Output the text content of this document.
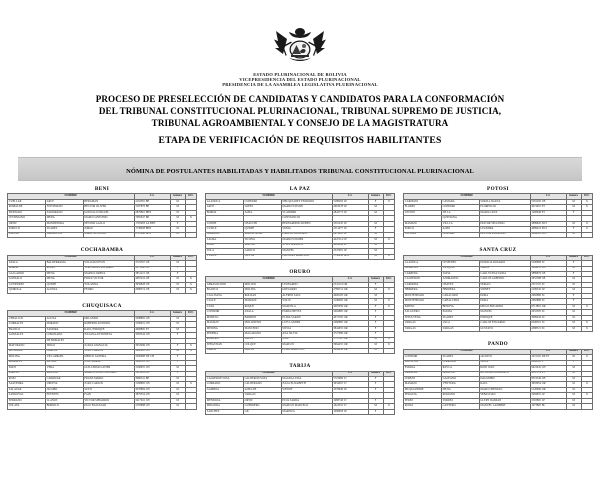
ESTADO PLURINACIONAL DE BOLIVIA
VICEPRESIDENCIA DEL ESTADO PLURINACIONAL
PRESIDENCIA DE LA ASAMBLEA LEGISLATIVA PLURINACIONAL
PROCESO DE PRESELECCIÓN DE CANDIDATAS Y CANDIDATOS PARA LA CONFORMACIÓN
DEL TRIBUNAL CONSTITUCIONAL PLURINACIONAL, TRIBUNAL SUPREMO DE JUSTICIA,
TRIBUNAL AGROAMBIENTAL Y CONSEJO DE LA MAGISTRATURA
ETAPA DE VERIFICACIÓN DE REQUISITOS HABILITANTES
NÓMINA DE POSTULANTES HABILITADAS Y HABILITADOS TRIBUNAL CONSTITUCIONAL PLURINACIONAL
BENI
NOMBRE			C.I.	Género	IOC
CUELLAR	ARCE	BERGMAN	4102381 BE	M	
ROMALDE	JUSTINIANO	HECTOR OLIVER	3167876 BE	M	
HURTADO	ZAMORANO	GONZALO MIGUEL	2879861 BEN	M	
JUSTINIANO	MEDA	MARCO ANTONIO	7985647 BE	M	X
ORTIZ	MANDEPORA	NESTOR GALLO	1795003 LA BEN	F	
SORUCO	SUAREZ	JORGE	1738938 BEN	M	
SOLINO	PARAVICINI	JORGE ANTONIO	2713846 BEN	M	
COCHABAMBA
NOMBRE			C.I.	Género	IOC
AYALA	BALDERRAMA	WILLIAM JESUS	3722567 CB	M	
BORDA	ROJAS	TERESA DEL ROSARIO	4173688 CB	F	
GALLARDO	MEJIA	MARIO LORENA	3851221 CB	F	
GONZALO	MEJIA	ERICK VICTOR	4087416 CB	M	X
GUTIERREZ	QUISPE	YOLANDA	3936828 CB	M	X
QUIROGA	ACOSTA	PEDRO	2988374 CB	M	X
CHUQUISACA
NOMBRE			C.I.	Género	IOC
CEBALLOS	ACUÑA	ORLANDO	3288895 CH	M	
CORRALES	DORADO	ROBERTO ANTONIO	3189031 CH	M	
FRANCO	ZAMORA	RAUL ENRIQUE	4668895 PT	M	
GONZALES	CORONADO	JULIANA ANTONIETA	3583344 CH	F	
	DE MORALES				
MATURANO	TRIGO	JUANA ATANACIA	3653499 CH	F	X
MENDOZA	GARCIA	JUAN CARLOS	3626805 CH	M	X
MOLINA	VILLARROEL	MERCK SANDRA	3299988 DE CH	F	
MORALES	MUÑOZ	JOSE MARIA	3298525 CH	F	
PATZI	VERA	GUILLERMO JAVIER	3168955 CH	M	
PORCEL	MOLINA	MARCELO DEL GUZMAN	3111241 CH	F	
ROJO	CARRIZAR	FRANZ MARIO	3986341 BE	M	
SAAVEDRA	URUETA	JUAN CARLOS	3168895 CH	M	X
SALAZAR	JACOBO	SUYO	3078984 CH	M	
SANDOVAL	FUENTES	IVAN	3879354 CH	M	
SERRANO	LLANOS	VICTOR MEDARDO	3417941 CH	M	
TOLAYA	BORRICO	PAUL BALTAZAR	3183888 CH	M	
LA PAZ
NOMBRE			C.I.	Género	IOC
ALANOCA	CONDORI	MELQUIADES TEODORO	3188293 LP	F	X
ARCE	LOPEZ	MARIO WILSON	2603478 LP	M	
BORDA	ALBA	VLADIMIR	2844773 LP	M	
		CONSTANCIO			
CONDE	CHAUCHI	BERNARDINO RUBEN	3391245 LP	M	
CUTILE	QUISPE	SONIA	2514977 LP	F	
HIDALGO	MAGNE ALIM	CARLOS GONZALO	2679985 LP	M	
LAURA	TICONA	MARIO WILMER	4447114 LP	M	X
LIMA	MACHO	JESUS MANOLO	4282944 LP	M	
TOLA	LARICO	MANUEL	2547901 LP	M	
YUPIZZ	HUYTA	CRISTIAN MARCELO	1738956 BEN	M	X
ORURO
NOMBRE			C.I.	Género	IOC
ABRASOLITOR	MOLLER	LEONARDO	2541119 OR	F	
BLANCO	MOLINA	GREGORIO	2789712 OR	M	X
CALLISAYA	ROLDAN	ALFRED SAUL	4006185 OR	M	
CALLE	MAMANI	WILLY	3198485 OR	M	X
CASO	ROQUE	MARCELA	4005056 OR	F	X
CONDORI	AYALA	EMMA NIEVES	3464885 OR	F	
MORELO	BARBON	ELIDA SARAH	4073185 OR	F	
MAMANI	MOLLINEDO	LUIS LANDER	3486885 OR	F	
MEDINA	MANCEDO	SILVIA	3844655 OR	F	
PEREIRA	MAGARAÑO	ANA SILVIA	3727986 OR	F	
ROMERO	PAUCE	JOSE	3737387 OR	M	X
SEBASTIAN	COLQUE	MARCOS	3964455 OR	M	X
ZARZA	PRIETO	ELIAS MARCELO	3494056 OR	M	
TARIJA
NOMBRE			C.I.	Género	IOC
CALDERON SOSA	CALDERON SOSA	MAGDA LUISA	5723966 TJ	F	
CORRADO	CALDERADO	JULIA ELIZABETH	3634655 TJ	F	
GAMBOA	ALBA DE	WENDY	3378946 LP	F	
	VARGAS				
MENDOZA	ORTIZ	ELVA ZARDA	1988746 TJ	F	
MIRANDA	GUERRERO	MARCOS MARCELO	1624352 TJ	M	X
SANCHEZ	GIL	MARITZA	1098658 LP	F	
POTOSI
NOMBRE			C.I.	Género	IOC
CARDOZO	CAMARA	SORIA LILIANA	5281295 CB	M	X
FLORES	CONDORI	FLORENCIO	4074655 PT	M	X
LETONI	DE LA	MARIA CRUZ	1268948 PT	F	
	QUINTANA				
MAMANI	VILLCA	PASTOR SEGUNDO	3889845 POT	M	X
PORCO	ALBO	LEANDRA	4089453 POT	F	X
TINTAYA	CHAVARI	HECTOR ROLANDO	3864385 POT	M	
SANTA CRUZ
NOMBRE			C.I.	Género	IOC
ALANOCA	CESPEDES	PATRICIA ROSARIO	5208986 SC	F	
ALARCON	VASQUEZ	SIMON	3899455 CB	M	
CARRERA	TAPIA	CARL ELENA TANIA	3889876 CB	F	
CALDERON	ANDRANDO	CARLOS ALBERTO	3652588 CB	M	
CARDONA	CHAVEZ	SERGIO	2515725 SC	M	
HERRERA	HERRERA	SIDNEY	2199545 LP	M	
MONTENEGRO	CARACORO	DORA	2982886 SC	F	
MONTENEGRO	CABALLERO	DORA	2982886 SC	F	
PATIÑO	BEDOYA	DIEGO EDUARDO	6713861 OR	M	X
SALGUERO	PALMA	MANUEL	2952395 SC	M	
SEPULVEDA	SUAREZ	ENRIQUE	3989456 SC	M	
VARGAS	VACA	CARLOS EDUARDO	6298561 SC	M	X
VARGAS	VARGAS	GUSTAVO	4388515 SC	M	X
PANDO
NOMBRE			C.I.	Género	IOC
CONDORI	SUAREZ	JACINTO	3472195 DE PT	M	X
DA COSTA	FERREIRA	SOFIA	6944563 P	F	
ESPADA	RAYCA	RONI IVAN	9623445 CH	M	
FAGALDE	BONILLA	ANTONIO HUMBERTO	4187174 PT	M	
JUREZO	GALEANO	DAGOMBO	8519546 CB	M	
MAMANI	VENTURA	RAUL	3993954 OR	M	X
MUQUIANDRE	MEJIA	MARCO BENICIO	5128006 OR	M	
PERALTA	ROMANO	SEBASTIAN	3284655 LP	M	X
PEREZ	TORREZ	GLERY DAMIAN	3593865 LP	M	
ROJAS	CANTERO	MANUEL LAMBERT	1673865 BC	M	
